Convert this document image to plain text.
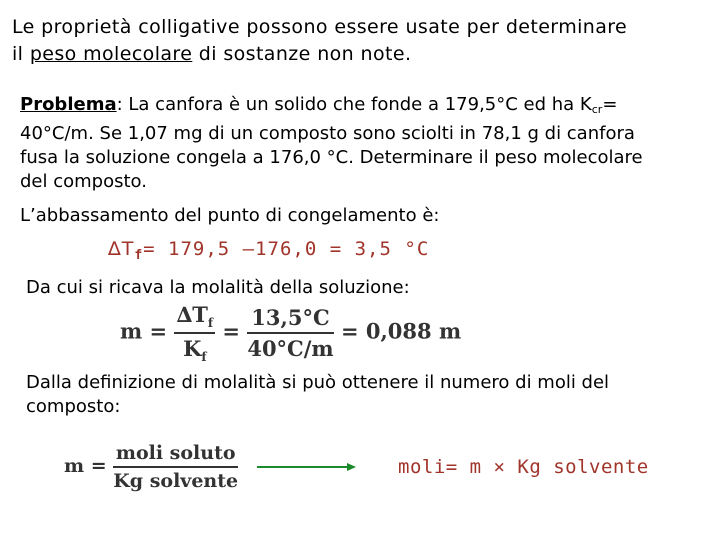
Le proprietà colligative possono essere usate per determinare
il peso molecolare di sostanze non note.
Problema: La canfora è un solido che fonde a 179,5°C ed ha $K_{cr}=$
40°C/m. Se 1,07 mg di un composto sono sciolti in 78,1 g di canfora
fusa la soluzione congela a 176,0 °C. Determinare il peso molecolare
del composto.
L’abbassamento del punto di congelamento è:
$\Delta T_f= 179,5$ –176,0 = 3,5 °C
Da cui si ricava la molalità della soluzione:
$m = \frac{\Delta T_f}{K_f} = \frac{13,5^\circ C}{40^\circ C/m} = 0,088$ m
Dalla definizione di molalità si può ottenere il numero di moli del
composto:
$m = \frac{\text{moli soluto}}{\text{Kg solvente}}$	moli= m × Kg solvente
